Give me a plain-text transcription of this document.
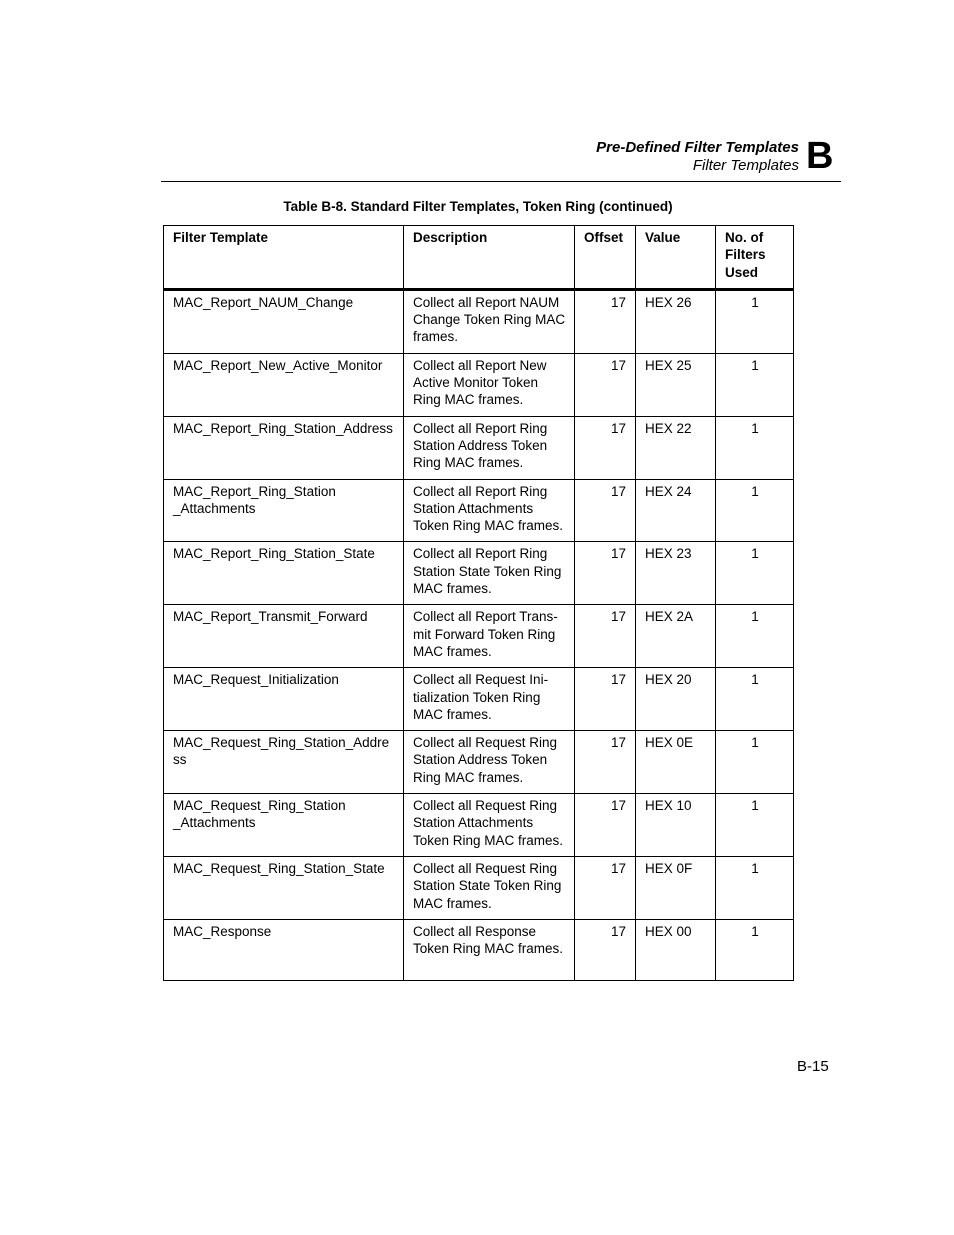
Pre-Defined Filter Templates
Filter Templates B
Table B-8. Standard Filter Templates, Token Ring (continued)
Filter Template	Description	Offset	Value	No. of Filters Used
MAC_Report_NAUM_Change	Collect all Report NAUM Change Token Ring MAC frames.	17	HEX 26	1
MAC_Report_New_Active_Monitor	Collect all Report New Active Monitor Token Ring MAC frames.	17	HEX 25	1
MAC_Report_Ring_Station_Address	Collect all Report Ring Station Address Token Ring MAC frames.	17	HEX 22	1
MAC_Report_Ring_Station _Attachments	Collect all Report Ring Station Attachments Token Ring MAC frames.	17	HEX 24	1
MAC_Report_Ring_Station_State	Collect all Report Ring Station State Token Ring MAC frames.	17	HEX 23	1
MAC_Report_Transmit_Forward	Collect all Report Trans-mit Forward Token Ring MAC frames.	17	HEX 2A	1
MAC_Request_Initialization	Collect all Request Ini-tialization Token Ring MAC frames.	17	HEX 20	1
MAC_Request_Ring_Station_Address	Collect all Request Ring Station Address Token Ring MAC frames.	17	HEX 0E	1
MAC_Request_Ring_Station _Attachments	Collect all Request Ring Station Attachments Token Ring MAC frames.	17	HEX 10	1
MAC_Request_Ring_Station_State	Collect all Request Ring Station State Token Ring MAC frames.	17	HEX 0F	1
MAC_Response	Collect all Response Token Ring MAC frames.	17	HEX 00	1
B-15
